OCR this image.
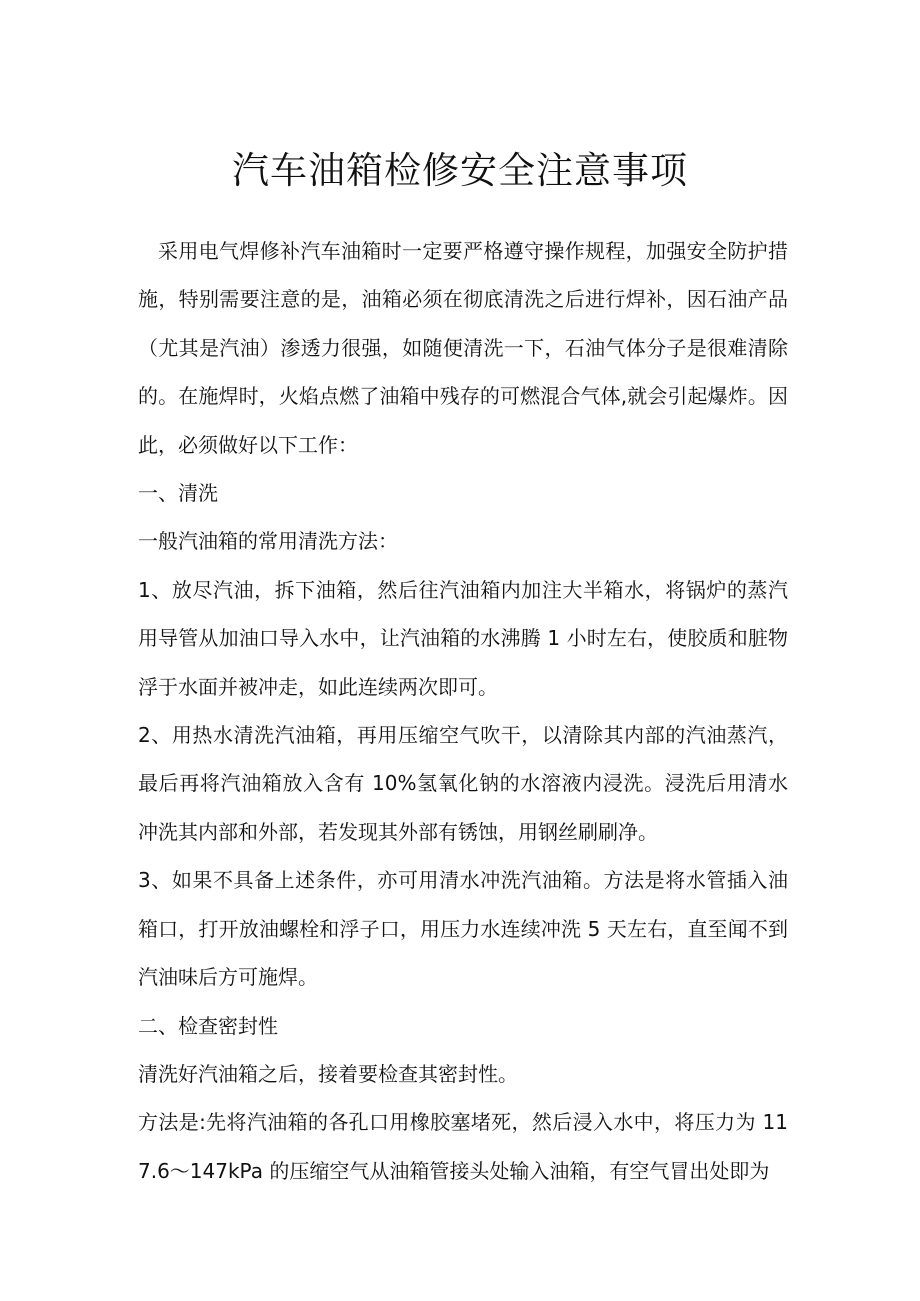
汽车油箱检修安全注意事项

采用电气焊修补汽车油箱时一定要严格遵守操作规程，加强安全防护措施，特别需要注意的是，油箱必须在彻底清洗之后进行焊补，因石油产品（尤其是汽油）渗透力很强，如随便清洗一下，石油气体分子是很难清除的。在施焊时，火焰点燃了油箱中残存的可燃混合气体,就会引起爆炸。因此，必须做好以下工作：

一、清洗

一般汽油箱的常用清洗方法：

1、放尽汽油，拆下油箱，然后往汽油箱内加注大半箱水，将锅炉的蒸汽用导管从加油口导入水中，让汽油箱的水沸腾 1 小时左右，使胶质和脏物浮于水面并被冲走，如此连续两次即可。

2、用热水清洗汽油箱，再用压缩空气吹干，以清除其内部的汽油蒸汽，最后再将汽油箱放入含有 10%氢氧化钠的水溶液内浸洗。浸洗后用清水冲洗其内部和外部，若发现其外部有锈蚀，用钢丝刷刷净。

3、如果不具备上述条件，亦可用清水冲洗汽油箱。方法是将水管插入油箱口，打开放油螺栓和浮子口，用压力水连续冲洗 5 天左右，直至闻不到汽油味后方可施焊。

二、检查密封性

清洗好汽油箱之后，接着要检查其密封性。

方法是:先将汽油箱的各孔口用橡胶塞堵死，然后浸入水中，将压力为 117.6～147kPa 的压缩空气从油箱管接头处输入油箱，有空气冒出处即为
